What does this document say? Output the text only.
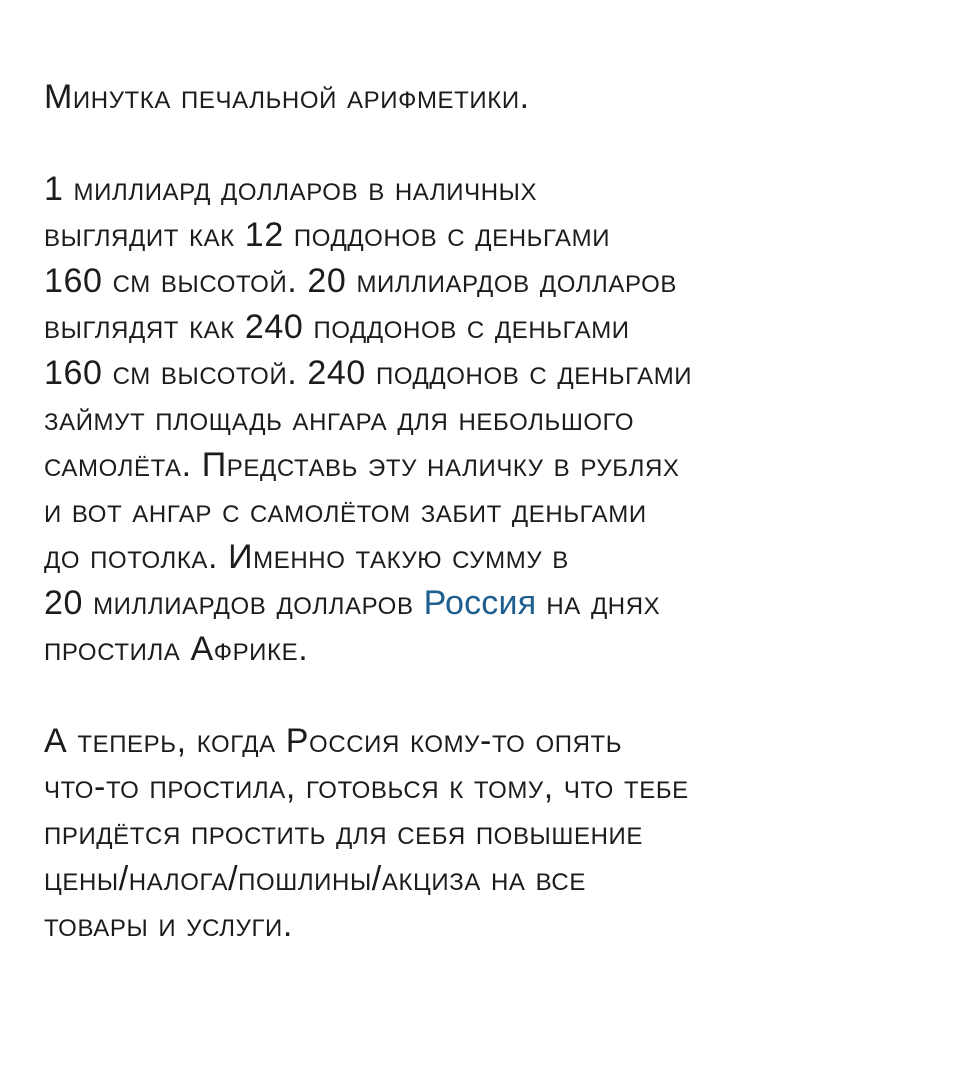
Минутка печальной арифметики.

1 миллиард долларов в наличных
выглядит как 12 поддонов с деньгами
160 см высотой. 20 миллиардов долларов
выглядят как 240 поддонов с деньгами
160 см высотой. 240 поддонов с деньгами
займут площадь ангара для небольшого
самолёта. Представь эту наличку в рублях
и вот ангар с самолётом забит деньгами
до потолка. Именно такую сумму в
20 миллиардов долларов Россия на днях
простила Африке.

А теперь, когда Россия кому-то опять
что-то простила, готовься к тому, что тебе
придётся простить для себя повышение
цены/налога/пошлины/акциза на все
товары и услуги.
